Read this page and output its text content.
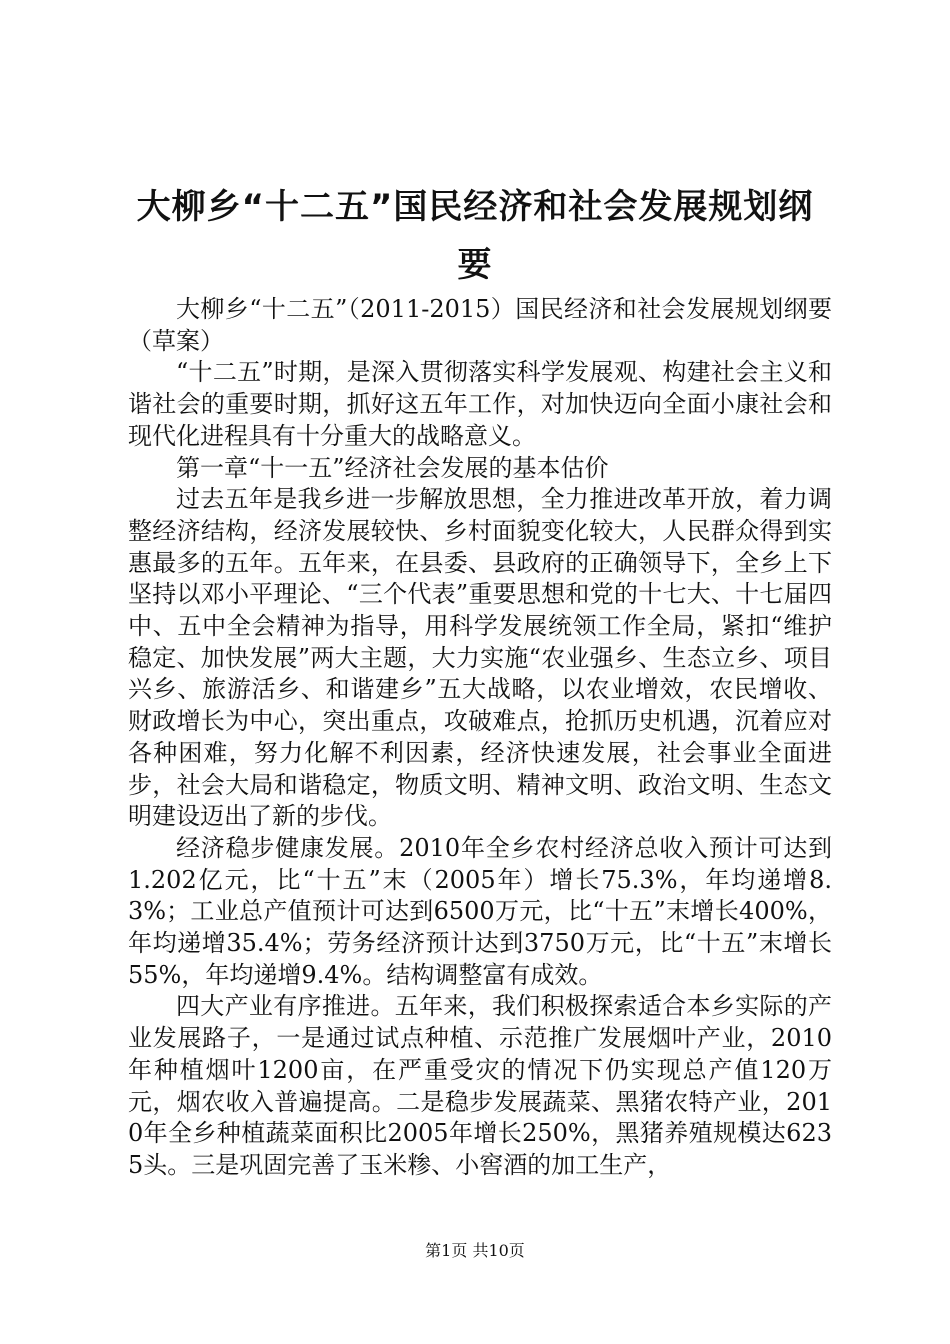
大柳乡“十二五”国民经济和社会发展规划纲要

大柳乡“十二五”（2011-2015）国民经济和社会发展规划纲要（草案）

“十二五”时期，是深入贯彻落实科学发展观、构建社会主义和谐社会的重要时期，抓好这五年工作，对加快迈向全面小康社会和现代化进程具有十分重大的战略意义。

第一章“十一五”经济社会发展的基本估价

过去五年是我乡进一步解放思想，全力推进改革开放，着力调整经济结构，经济发展较快、乡村面貌变化较大，人民群众得到实惠最多的五年。五年来，在县委、县政府的正确领导下，全乡上下坚持以邓小平理论、“三个代表”重要思想和党的十七大、十七届四中、五中全会精神为指导，用科学发展统领工作全局，紧扣“维护稳定、加快发展”两大主题，大力实施“农业强乡、生态立乡、项目兴乡、旅游活乡、和谐建乡”五大战略，以农业增效，农民增收、财政增长为中心，突出重点，攻破难点，抢抓历史机遇，沉着应对各种困难，努力化解不利因素，经济快速发展，社会事业全面进步，社会大局和谐稳定，物质文明、精神文明、政治文明、生态文明建设迈出了新的步伐。

经济稳步健康发展。2010年全乡农村经济总收入预计可达到1.202亿元，比“十五”末（2005年）增长75.3%，年均递增8.3%；工业总产值预计可达到6500万元，比“十五”末增长400%，年均递增35.4%；劳务经济预计达到3750万元，比“十五”末增长55%，年均递增9.4%。结构调整富有成效。

四大产业有序推进。五年来，我们积极探索适合本乡实际的产业发展路子，一是通过试点种植、示范推广发展烟叶产业，2010年种植烟叶1200亩，在严重受灾的情况下仍实现总产值120万元，烟农收入普遍提高。二是稳步发展蔬菜、黑猪农特产业，2010年全乡种植蔬菜面积比2005年增长250%，黑猪养殖规模达6235头。三是巩固完善了玉米糁、小窖酒的加工生产，

第1页 共10页
